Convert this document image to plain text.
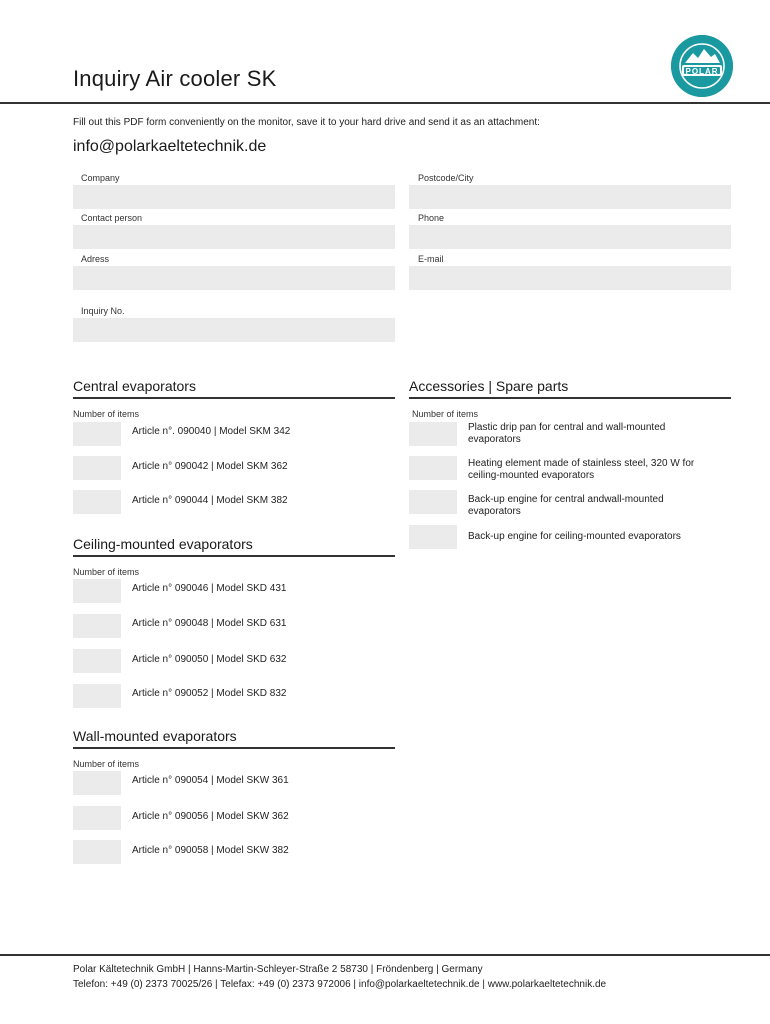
Inquiry Air cooler SK	POLAR
Fill out this PDF form conveniently on the monitor, save it to your hard drive and send it as an attachment:
info@polarkaeltetechnik.de
Company	Postcode/City
Contact person	Phone
Adress	E-mail
Inquiry No.
Central evaporators
Number of items
Article n°. 090040 | Model SKM 342
Article n° 090042 | Model SKM 362
Article n° 090044 | Model SKM 382
Ceiling-mounted evaporators
Number of items
Article n° 090046 | Model SKD 431
Article n° 090048 | Model SKD 631
Article n° 090050 | Model SKD 632
Article n° 090052 | Model SKD 832
Wall-mounted evaporators
Number of items
Article n° 090054 | Model SKW 361
Article n° 090056 | Model SKW 362
Article n° 090058 | Model SKW 382
Accessories | Spare parts
Number of items
Plastic drip pan for central and wall-mounted evaporators
Heating element made of stainless steel, 320 W for ceiling-mounted evaporators
Back-up engine for central andwall-mounted evaporators
Back-up engine for ceiling-mounted evaporators
Polar Kältetechnik GmbH | Hanns-Martin-Schleyer-Straße 2 58730 | Fröndenberg | Germany
Telefon: +49 (0) 2373 70025/26 | Telefax: +49 (0) 2373 972006 | info@polarkaeltetechnik.de | www.polarkaeltetechnik.de
